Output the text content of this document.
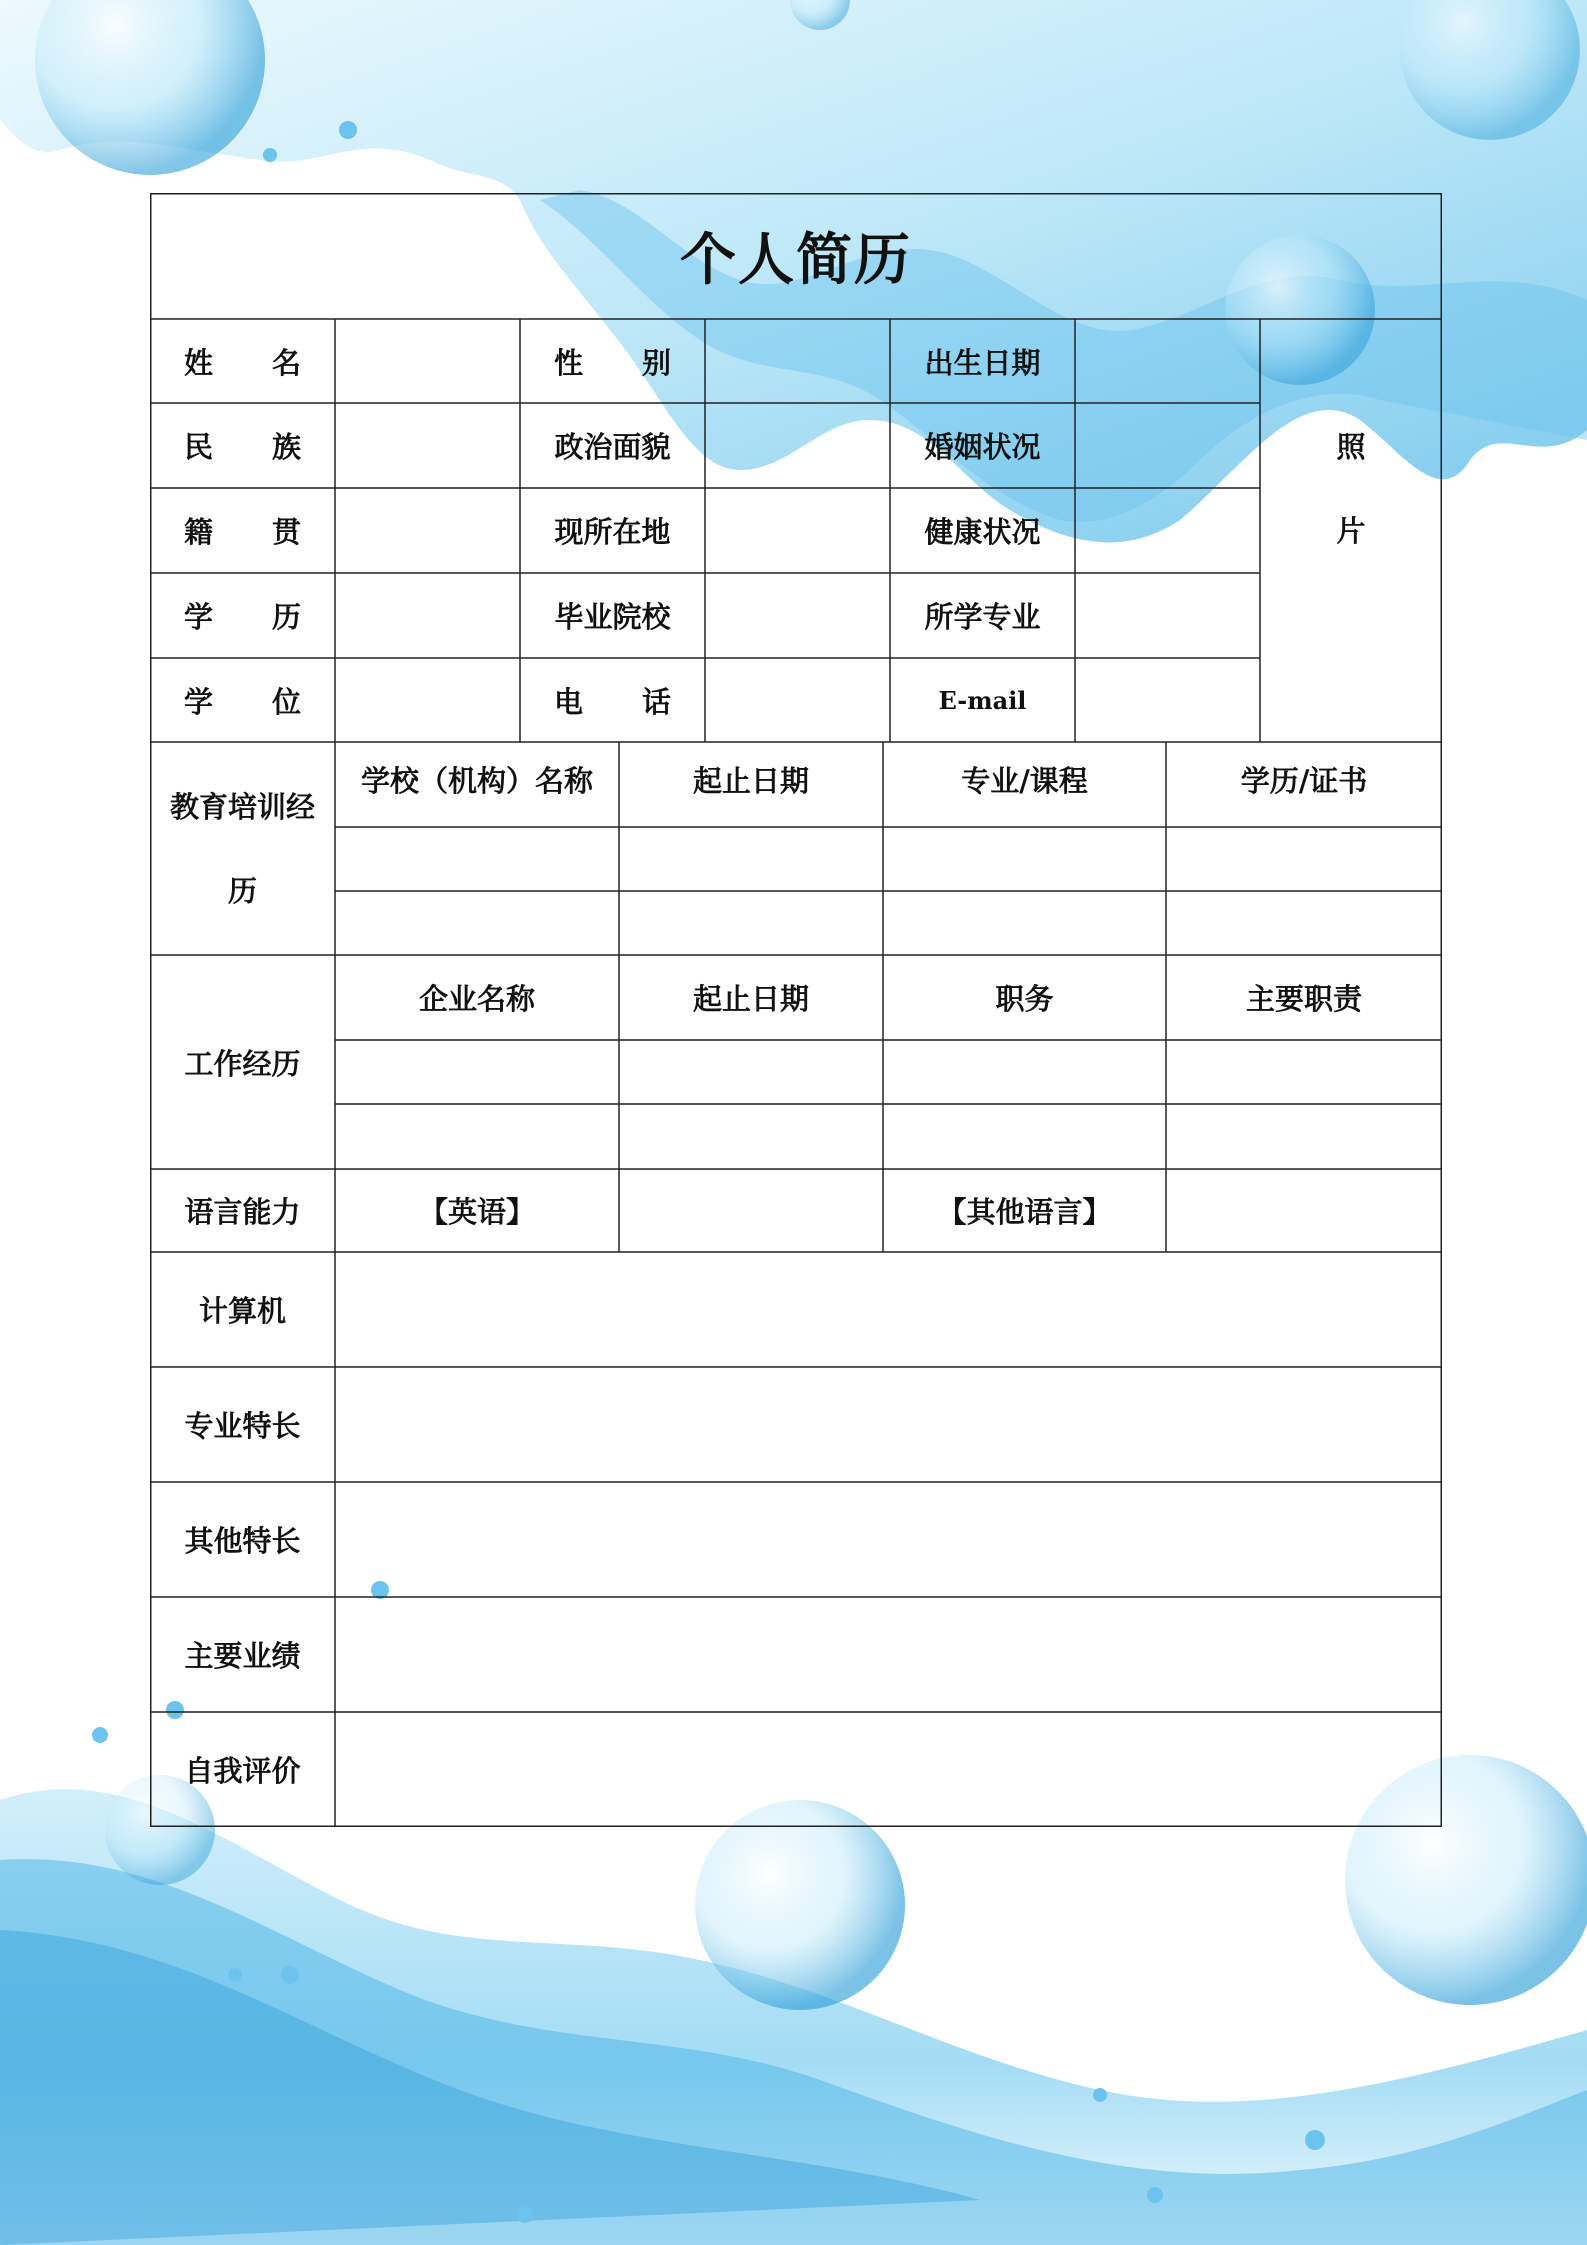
个人简历
姓 名	性 别	出生日期
民 族	政治面貌	婚姻状况
籍 贯	现所在地	健康状况
学 历	毕业院校	所学专业
学 位	电 话	E-mail
照
片
教育培训经
历
学校（机构）名称	起止日期	专业/课程	学历/证书
工作经历
企业名称	起止日期	职务	主要职责
语言能力	【英语】	【其他语言】
计算机
专业特长
其他特长
主要业绩
自我评价
